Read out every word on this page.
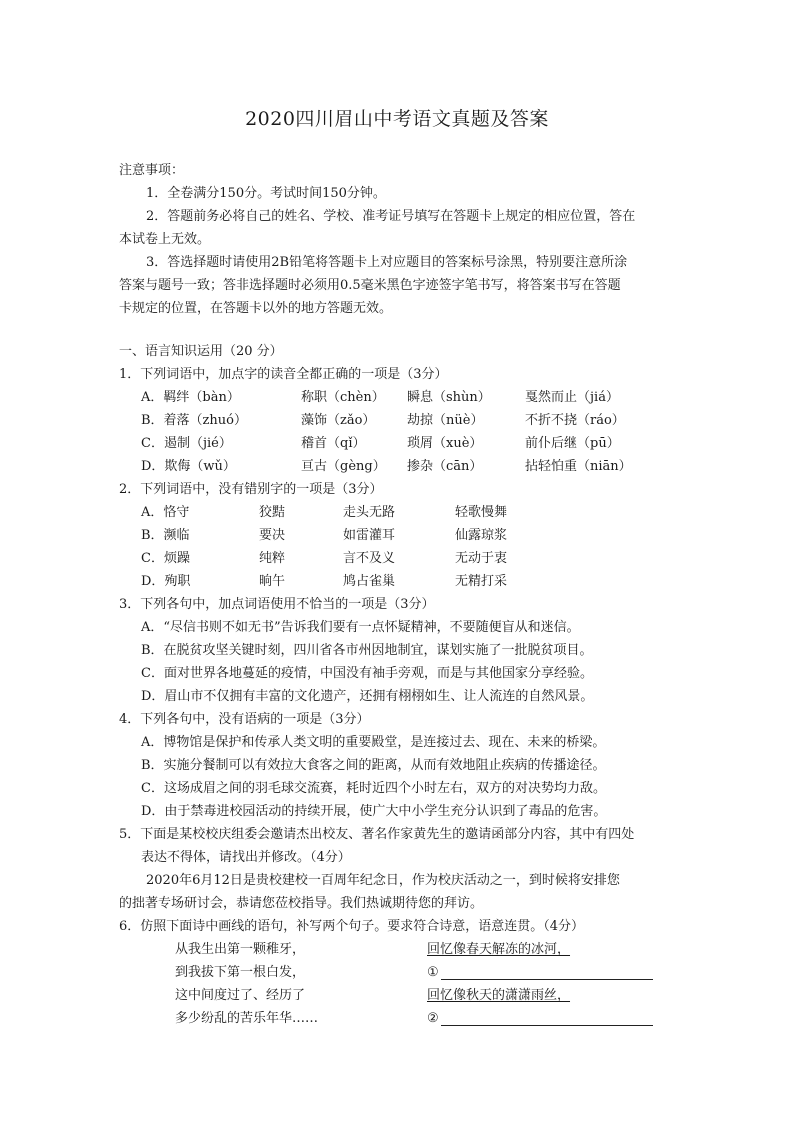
2020四川眉山中考语文真题及答案
注意事项：
1．全卷满分150分。考试时间150分钟。
2．答题前务必将自己的姓名、学校、准考证号填写在答题卡上规定的相应位置，答在
本试卷上无效。
3．答选择题时请使用2B铅笔将答题卡上对应题目的答案标号涂黑，特别要注意所涂
答案与题号一致；答非选择题时必须用0.5毫米黑色字迹签字笔书写，将答案书写在答题
卡规定的位置，在答题卡以外的地方答题无效。
一、语言知识运用（20 分）
1．下列词语中，加点字的读音全都正确的一项是（3分）
A．羁绊（bàn）	称职（chèn） 瞬息（shùn）	戛然而止（jiá）
B．着落（zhuó）	藻饰（zǎo） 劫掠（nüè）	不折不挠（ráo）
C．遏制（jié）	稽首（qǐ）	琐屑（xuè）	前仆后继（pū）
D．欺侮（wǔ）	亘古（gèng） 掺杂（cān）	拈轻怕重（niān）
2．下列词语中，没有错别字的一项是（3分）
A．恪守	狡黠	走头无路	轻歌慢舞
B．濒临	要决	如雷灌耳	仙露琼浆
C．烦躁	纯粹	言不及义	无动于衷
D．殉职	晌午	鸠占雀巢	无精打采
3．下列各句中，加点词语使用不恰当的一项是（3分）
A．“尽信书则不如无书”告诉我们要有一点怀疑精神，不要随便盲从和迷信。
B．在脱贫攻坚关键时刻，四川省各市州因地制宜，谋划实施了一批脱贫项目。
C．面对世界各地蔓延的疫情，中国没有袖手旁观，而是与其他国家分享经验。
D．眉山市不仅拥有丰富的文化遗产，还拥有栩栩如生、让人流连的自然风景。
4．下列各句中，没有语病的一项是（3分）
A．博物馆是保护和传承人类文明的重要殿堂，是连接过去、现在、未来的桥梁。
B．实施分餐制可以有效拉大食客之间的距离，从而有效地阻止疾病的传播途径。
C．这场成眉之间的羽毛球交流赛，耗时近四个小时左右，双方的对决势均力敌。
D．由于禁毒进校园活动的持续开展，使广大中小学生充分认识到了毒品的危害。
5．下面是某校校庆组委会邀请杰出校友、著名作家黄先生的邀请函部分内容，其中有四处
表达不得体，请找出并修改。（4分）
2020年6月12日是贵校建校一百周年纪念日，作为校庆活动之一，到时候将安排您
的拙著专场研讨会，恭请您莅校指导。我们热诚期待您的拜访。
6．仿照下面诗中画线的语句，补写两个句子。要求符合诗意，语意连贯。（4分）
从我生出第一颗稚牙，
到我拔下第一根白发，
这中间度过了、经历了
多少纷乱的苦乐年华……
回忆像春天解冻的冰河，
①
回忆像秋天的潇潇雨丝，
②
